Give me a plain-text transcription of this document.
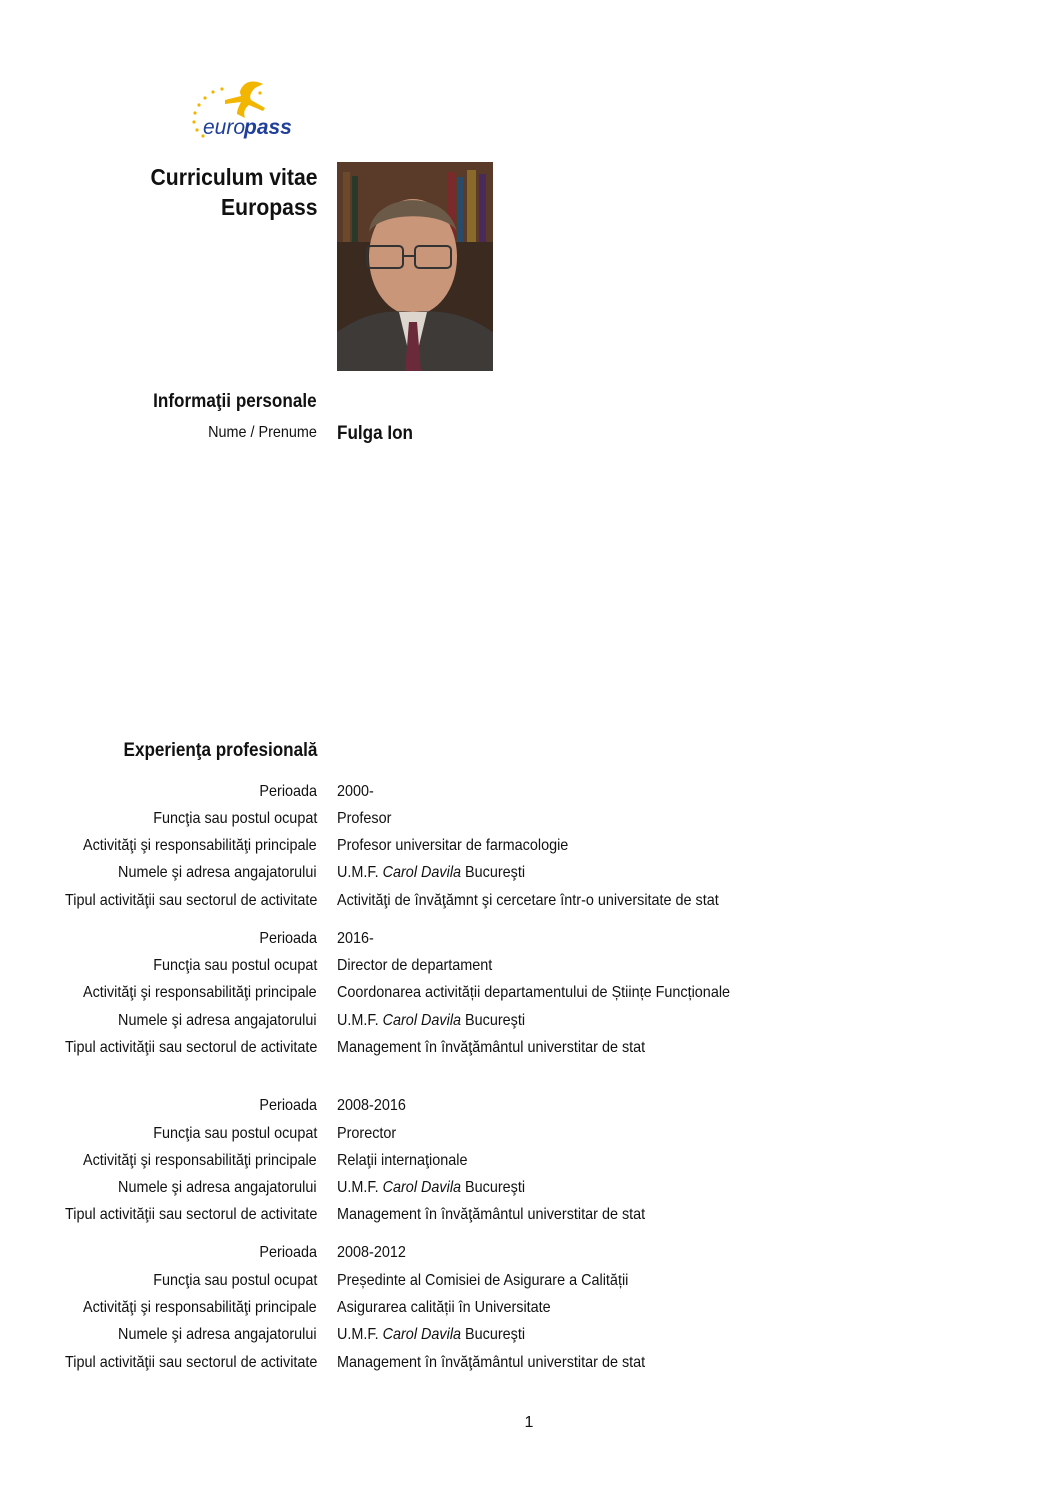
euro
pass
Curriculum vitae
Europass
Informaţii personale
Nume / Prenume Fulga Ion
Experienţa profesională
Perioada 2000-
Funcţia sau postul ocupat Profesor
Activităţi şi responsabilităţi principale Profesor universitar de farmacologie
Numele şi adresa angajatorului U.M.F. Carol Davila Bucureşti
Tipul activităţii sau sectorul de activitate Activităţi de învăţămnt şi cercetare într-o universitate de stat
Perioada 2016-
Funcţia sau postul ocupat Director de departament
Activităţi şi responsabilităţi principale Coordonarea activității departamentului de Științe Funcționale
Numele şi adresa angajatorului U.M.F. Carol Davila Bucureşti
Tipul activităţii sau sectorul de activitate Management în învăţământul universtitar de stat
Perioada 2008-2016
Funcţia sau postul ocupat Prorector
Activităţi şi responsabilităţi principale Relaţii internaţionale
Numele şi adresa angajatorului U.M.F. Carol Davila Bucureşti
Tipul activităţii sau sectorul de activitate Management în învăţământul universtitar de stat
Perioada 2008-2012
Funcţia sau postul ocupat Președinte al Comisiei de Asigurare a Calității
Activităţi şi responsabilităţi principale Asigurarea calității în Universitate
Numele şi adresa angajatorului U.M.F. Carol Davila Bucureşti
Tipul activităţii sau sectorul de activitate Management în învăţământul universtitar de stat
1
